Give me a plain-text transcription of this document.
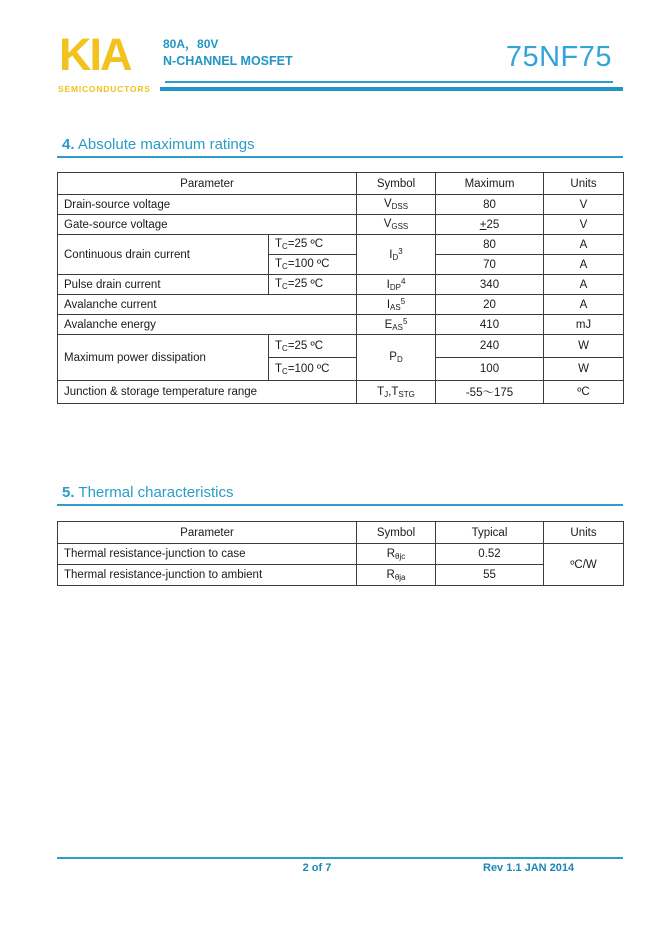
KIA
SEMICONDUCTORS
80A，80V
N-CHANNEL MOSFET	75NF75
4. Absolute maximum ratings
Parameter		Symbol	Maximum	Units
Drain-source voltage		$V_{DSS}$	80	V
Gate-source voltage		$V_{GSS}$	+25	V
Continuous drain current	$T_C=25$ ºC	$I_D^3$	80	A
	$T_C=100$ ºC		70	A
Pulse drain current	$T_C=25$ ºC	$I_{DP}^4$	340	A
Avalanche current		$I_{AS}^5$	20	A
Avalanche energy		$E_{AS}^5$	410	mJ
Maximum power dissipation	$T_C=25$ ºC	$P_D$	240	W
	$T_C=100$ ºC		100	W
Junction & storage temperature range		$T_J,T_{STG}$	-55～175	ºC
5. Thermal characteristics
Parameter	Symbol	Typical	Units
Thermal resistance-junction to case	$R_{\theta jc}$	0.52	ºC/W
Thermal resistance-junction to ambient	$R_{\theta ja}$	55	
2 of 7	Rev 1.1 JAN 2014
